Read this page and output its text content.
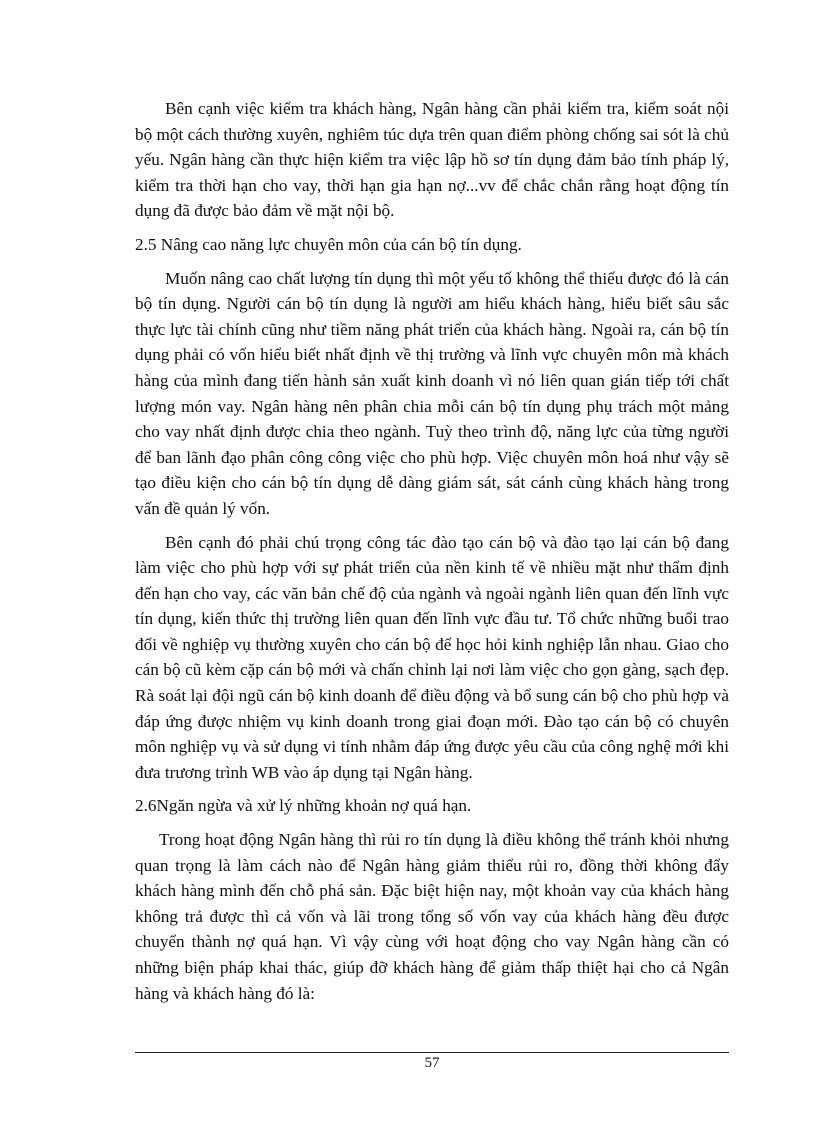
Bên cạnh việc kiểm tra khách hàng, Ngân hàng cần phải kiểm tra, kiểm soát nội bộ một cách thường xuyên, nghiêm túc dựa trên quan điểm phòng chống sai sót là chủ yếu. Ngân hàng cần thực hiện kiểm tra việc lập hồ sơ tín dụng đảm bảo tính pháp lý, kiểm tra thời hạn cho vay, thời hạn gia hạn nợ...vv để chắc chắn rằng hoạt động tín dụng đã được bảo đảm về mặt nội bộ.

2.5 Nâng cao năng lực chuyên môn của cán bộ tín dụng.

Muốn nâng cao chất lượng tín dụng thì một yếu tố không thể thiếu được đó là cán bộ tín dụng. Người cán bộ tín dụng là người am hiểu khách hàng, hiểu biết sâu sắc thực lực tài chính cũng như tiềm năng phát triển của khách hàng. Ngoài ra, cán bộ tín dụng phải có vốn hiểu biết nhất định về thị trường và lĩnh vực chuyên môn mà khách hàng của mình đang tiến hành sản xuất kinh doanh vì nó liên quan gián tiếp tới chất lượng món vay. Ngân hàng nên phân chia mỗi cán bộ tín dụng phụ trách một mảng cho vay nhất định được chia theo ngành. Tuỳ theo trình độ, năng lực của từng người để ban lãnh đạo phân công công việc cho phù hợp. Việc chuyên môn hoá như vậy sẽ tạo điều kiện cho cán bộ tín dụng dễ dàng giám sát, sát cánh cùng khách hàng trong vấn đề quản lý vốn.

Bên cạnh đó phải chú trọng công tác đào tạo cán bộ và đào tạo lại cán bộ đang làm việc cho phù hợp với sự phát triển của nền kinh tế về nhiều mặt như thẩm định đến hạn cho vay, các văn bản chế độ của ngành và ngoài ngành liên quan đến lĩnh vực tín dụng, kiến thức thị trường liên quan đến lĩnh vực đầu tư. Tổ chức những buổi trao đổi về nghiệp vụ thường xuyên cho cán bộ để học hỏi kinh nghiệp lẫn nhau. Giao cho cán bộ cũ kèm cặp cán bộ mới và chấn chỉnh lại nơi làm việc cho gọn gàng, sạch đẹp. Rà soát lại đội ngũ cán bộ kinh doanh để điều động và bổ sung cán bộ cho phù hợp và đáp ứng được nhiệm vụ kinh doanh trong giai đoạn mới. Đào tạo cán bộ có chuyên môn nghiệp vụ và sử dụng vi tính nhằm đáp ứng được yêu cầu của công nghệ mới khi đưa trương trình WB vào áp dụng tại Ngân hàng.

2.6Ngăn ngừa và xử lý những khoản nợ quá hạn.

Trong hoạt động Ngân hàng thì rủi ro tín dụng là điều không thể tránh khỏi nhưng quan trọng là làm cách nào để Ngân hàng giảm thiểu rủi ro, đồng thời không đẩy khách hàng mình đến chỗ phá sản. Đặc biệt hiện nay, một khoản vay của khách hàng không trả được thì cả vốn và lãi trong tổng số vốn vay của khách hàng đều được chuyển thành nợ quá hạn. Vì vậy cùng với hoạt động cho vay Ngân hàng cần có những biện pháp khai thác, giúp đỡ khách hàng để giảm thấp thiệt hại cho cả Ngân hàng và khách hàng đó là:

57
